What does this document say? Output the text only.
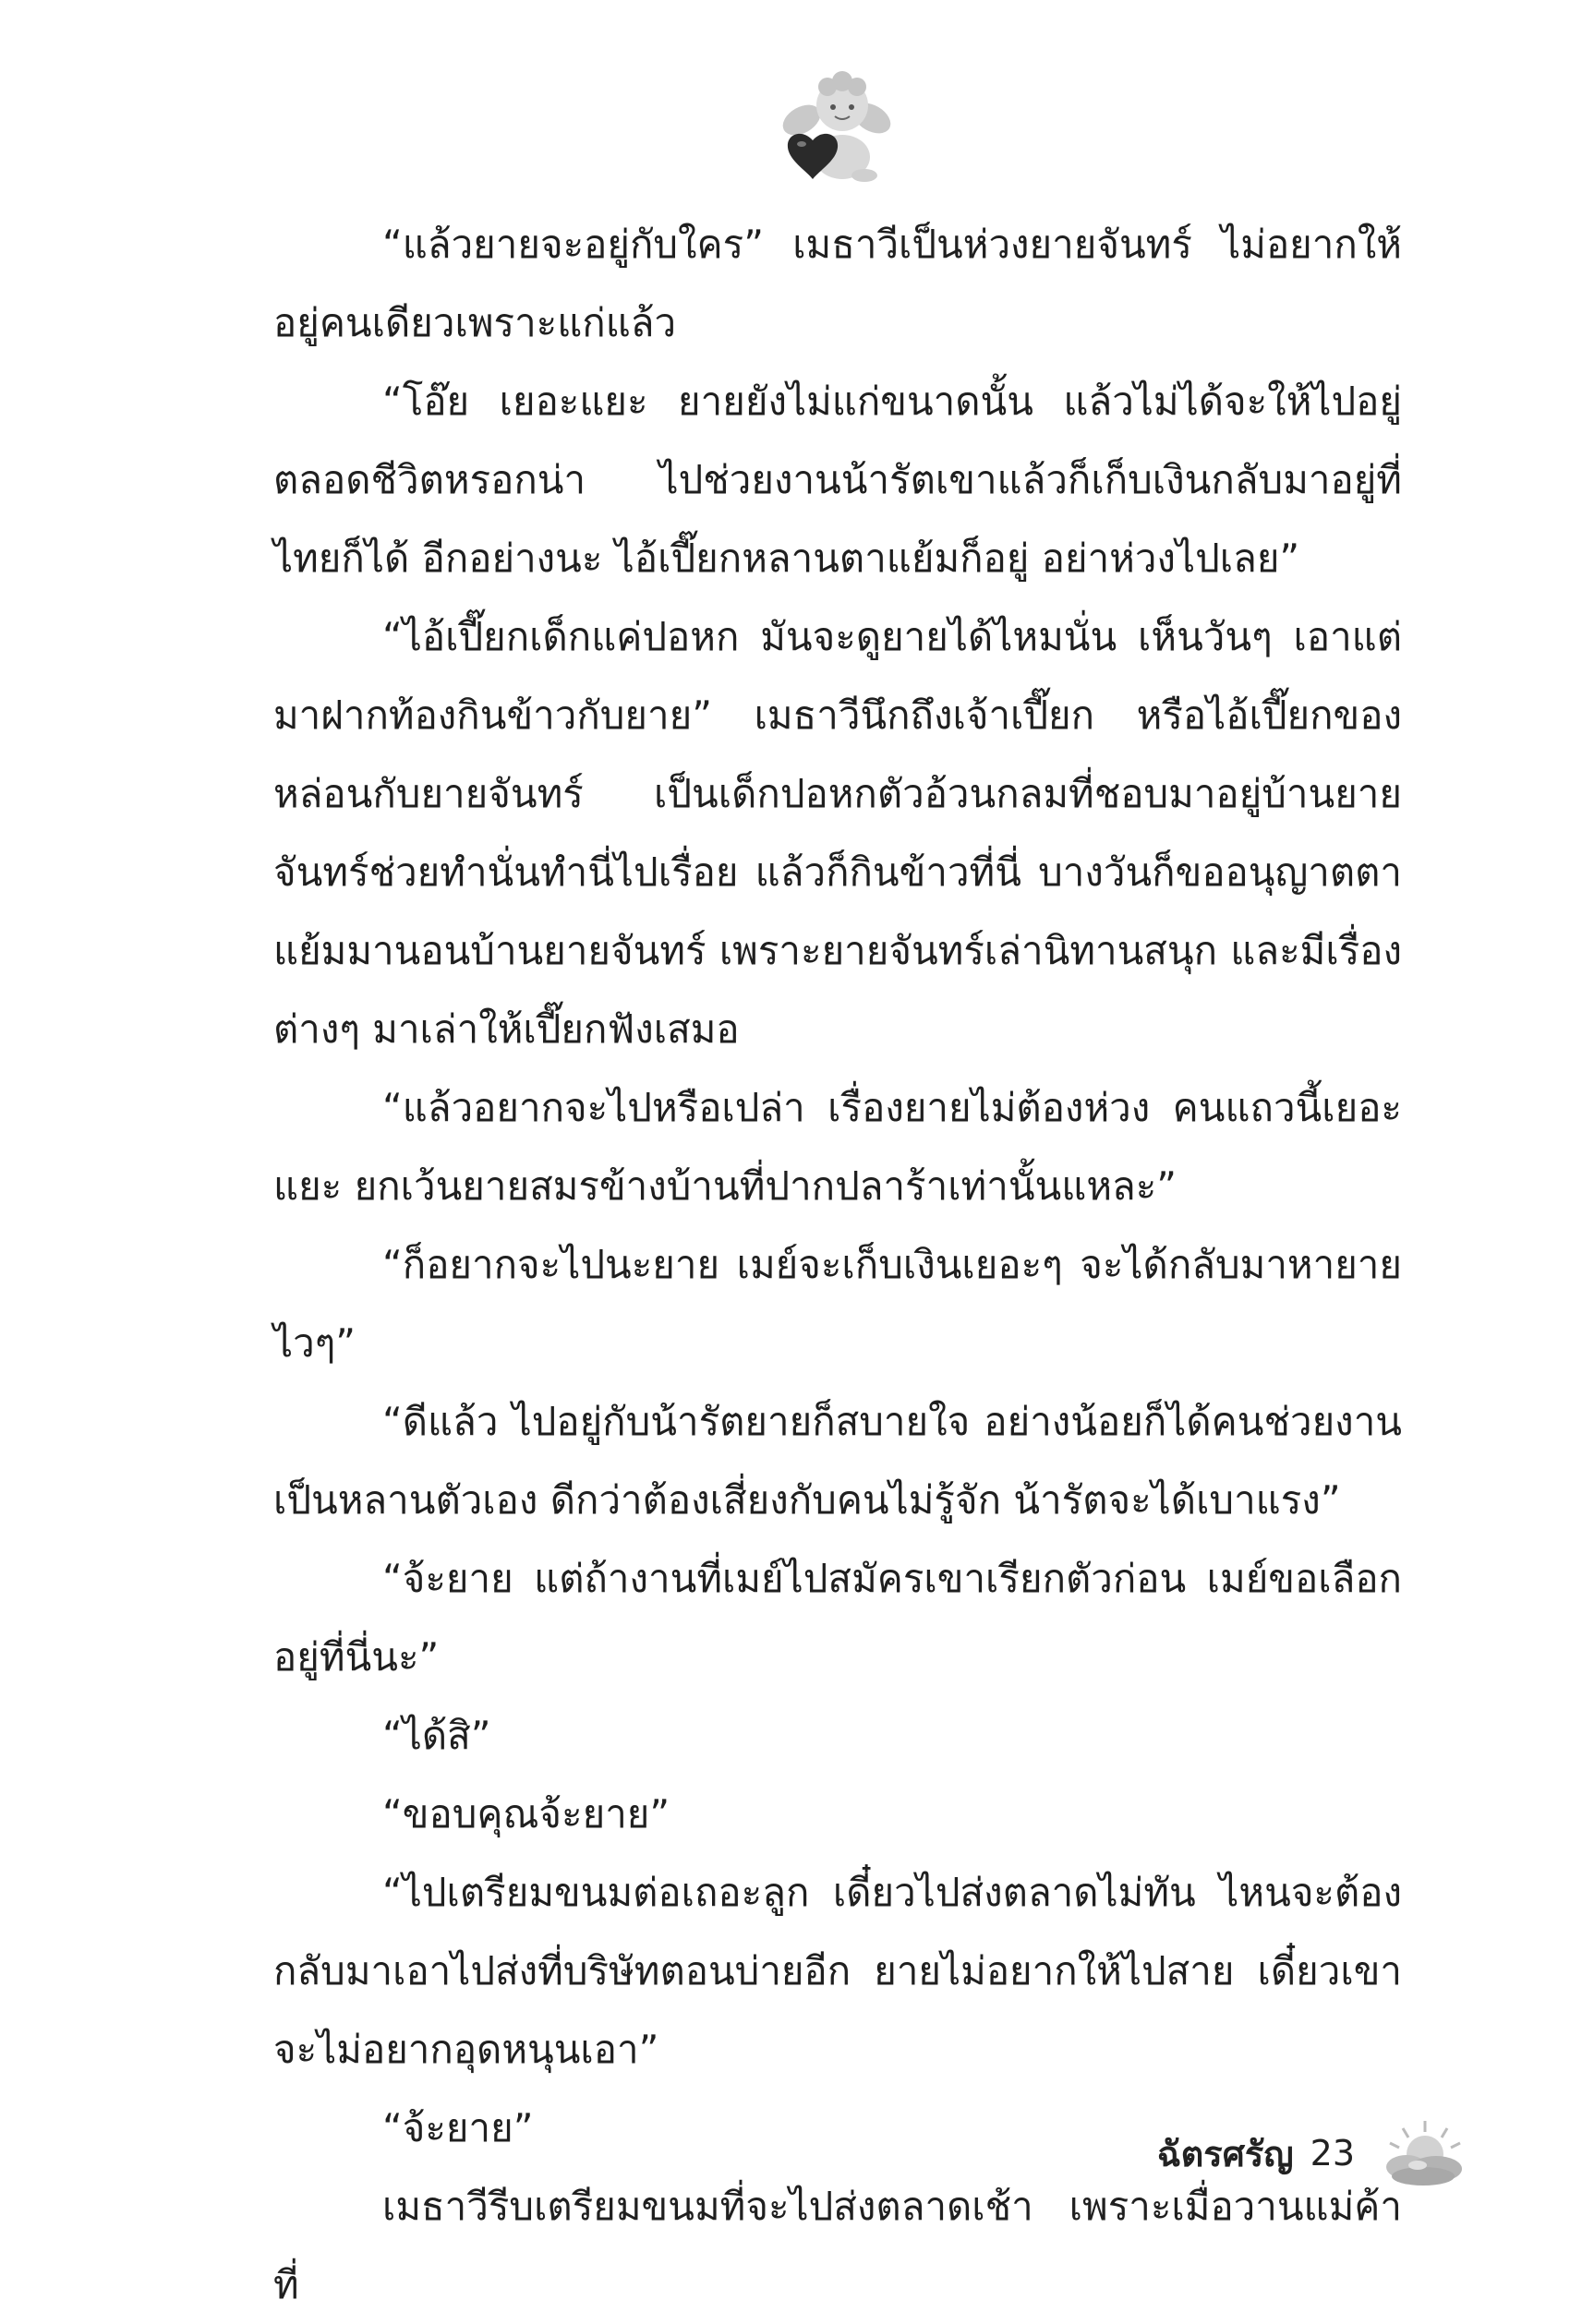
“แล้วยายจะอยู่กับใคร” เมธาวีเป็นห่วงยายจันทร์ ไม่อยากให้อยู่คนเดียวเพราะแก่แล้ว

“โอ๊ย เยอะแยะ ยายยังไม่แก่ขนาดนั้น แล้วไม่ได้จะให้ไปอยู่ตลอดชีวิตหรอกน่า ไปช่วยงานน้ารัตเขาแล้วก็เก็บเงินกลับมาอยู่ที่ไทยก็ได้ อีกอย่างนะ ไอ้เปี๊ยกหลานตาแย้มก็อยู่ อย่าห่วงไปเลย”

“ไอ้เปี๊ยกเด็กแค่ปอหก มันจะดูยายได้ไหมนั่น เห็นวันๆ เอาแต่มาฝากท้องกินข้าวกับยาย” เมธาวีนึกถึงเจ้าเปี๊ยก หรือไอ้เปี๊ยกของหล่อนกับยายจันทร์ เป็นเด็กปอหกตัวอ้วนกลมที่ชอบมาอยู่บ้านยายจันทร์ช่วยทำนั่นทำนี่ไปเรื่อย แล้วก็กินข้าวที่นี่ บางวันก็ขออนุญาตตาแย้มมานอนบ้านยายจันทร์ เพราะยายจันทร์เล่านิทานสนุก และมีเรื่องต่างๆ มาเล่าให้เปี๊ยกฟังเสมอ

“แล้วอยากจะไปหรือเปล่า เรื่องยายไม่ต้องห่วง คนแถวนี้เยอะแยะ ยกเว้นยายสมรข้างบ้านที่ปากปลาร้าเท่านั้นแหละ”

“ก็อยากจะไปนะยาย เมย์จะเก็บเงินเยอะๆ จะได้กลับมาหายายไวๆ”

“ดีแล้ว ไปอยู่กับน้ารัตยายก็สบายใจ อย่างน้อยก็ได้คนช่วยงานเป็นหลานตัวเอง ดีกว่าต้องเสี่ยงกับคนไม่รู้จัก น้ารัตจะได้เบาแรง”

“จ้ะยาย แต่ถ้างานที่เมย์ไปสมัครเขาเรียกตัวก่อน เมย์ขอเลือกอยู่ที่นี่นะ”

“ได้สิ”

“ขอบคุณจ้ะยาย”

“ไปเตรียมขนมต่อเถอะลูก เดี๋ยวไปส่งตลาดไม่ทัน ไหนจะต้องกลับมาเอาไปส่งที่บริษัทตอนบ่ายอีก ยายไม่อยากให้ไปสาย เดี๋ยวเขาจะไม่อยากอุดหนุนเอา”

“จ้ะยาย”

เมธาวีรีบเตรียมขนมที่จะไปส่งตลาดเช้า เพราะเมื่อวานแม่ค้าที่

ฉัตรศรัญ 23
